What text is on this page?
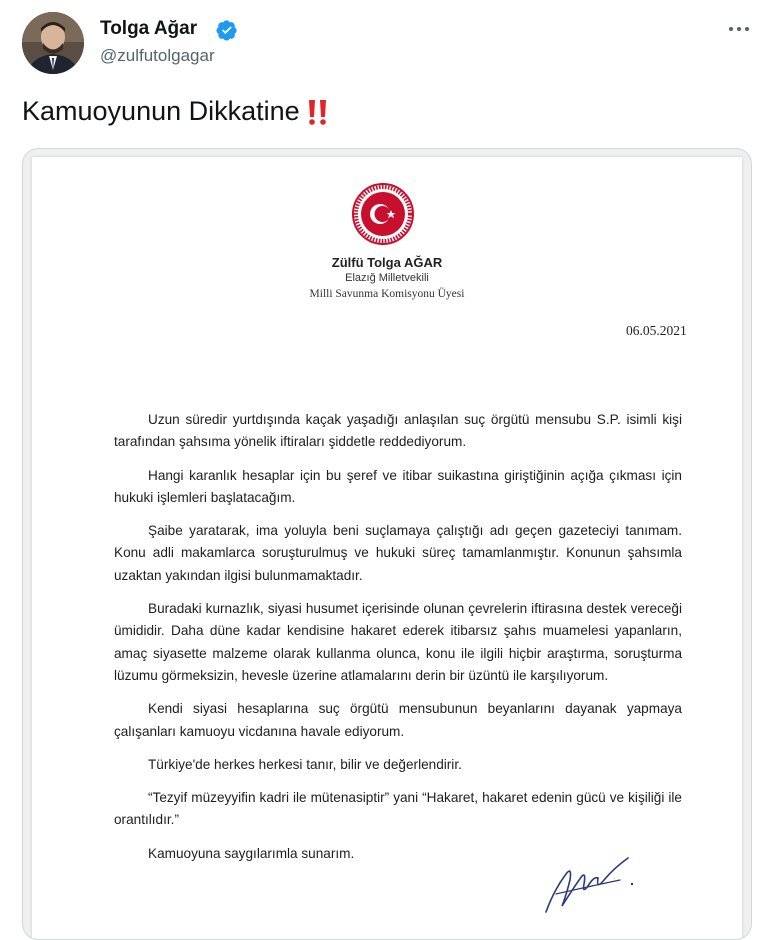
Tolga Ağar
@zulfutolgagar
Kamuoyunun Dikkatine
Zülfü Tolga AĞAR
Elazığ Milletvekili
Milli Savunma Komisyonu Üyesi
06.05.2021

Uzun süredir yurtdışında kaçak yaşadığı anlaşılan suç örgütü mensubu S.P. isimli kişi tarafından şahsıma yönelik iftiraları şiddetle reddediyorum.

Hangi karanlık hesaplar için bu şeref ve itibar suikastına giriştiğinin açığa çıkması için hukuki işlemleri başlatacağım.

Şaibe yaratarak, ima yoluyla beni suçlamaya çalıştığı adı geçen gazeteciyi tanımam. Konu adli makamlarca soruşturulmuş ve hukuki süreç tamamlanmıştır. Konunun şahsımla uzaktan yakından ilgisi bulunmamaktadır.

Buradaki kurnazlık, siyasi husumet içerisinde olunan çevrelerin iftirasına destek vereceği ümididir. Daha düne kadar kendisine hakaret ederek itibarsız şahıs muamelesi yapanların, amaç siyasette malzeme olarak kullanma olunca, konu ile ilgili hiçbir araştırma, soruşturma lüzumu görmeksizin, hevesle üzerine atlamalarını derin bir üzüntü ile karşılıyorum.

Kendi siyasi hesaplarına suç örgütü mensubunun beyanlarını dayanak yapmaya çalışanları kamuoyu vicdanına havale ediyorum.

Türkiye'de herkes herkesi tanır, bilir ve değerlendirir.

“Tezyif müzeyyifin kadri ile mütenasiptir” yani “Hakaret, hakaret edenin gücü ve kişiliği ile orantılıdır.”

Kamuoyuna saygılarımla sunarım.
